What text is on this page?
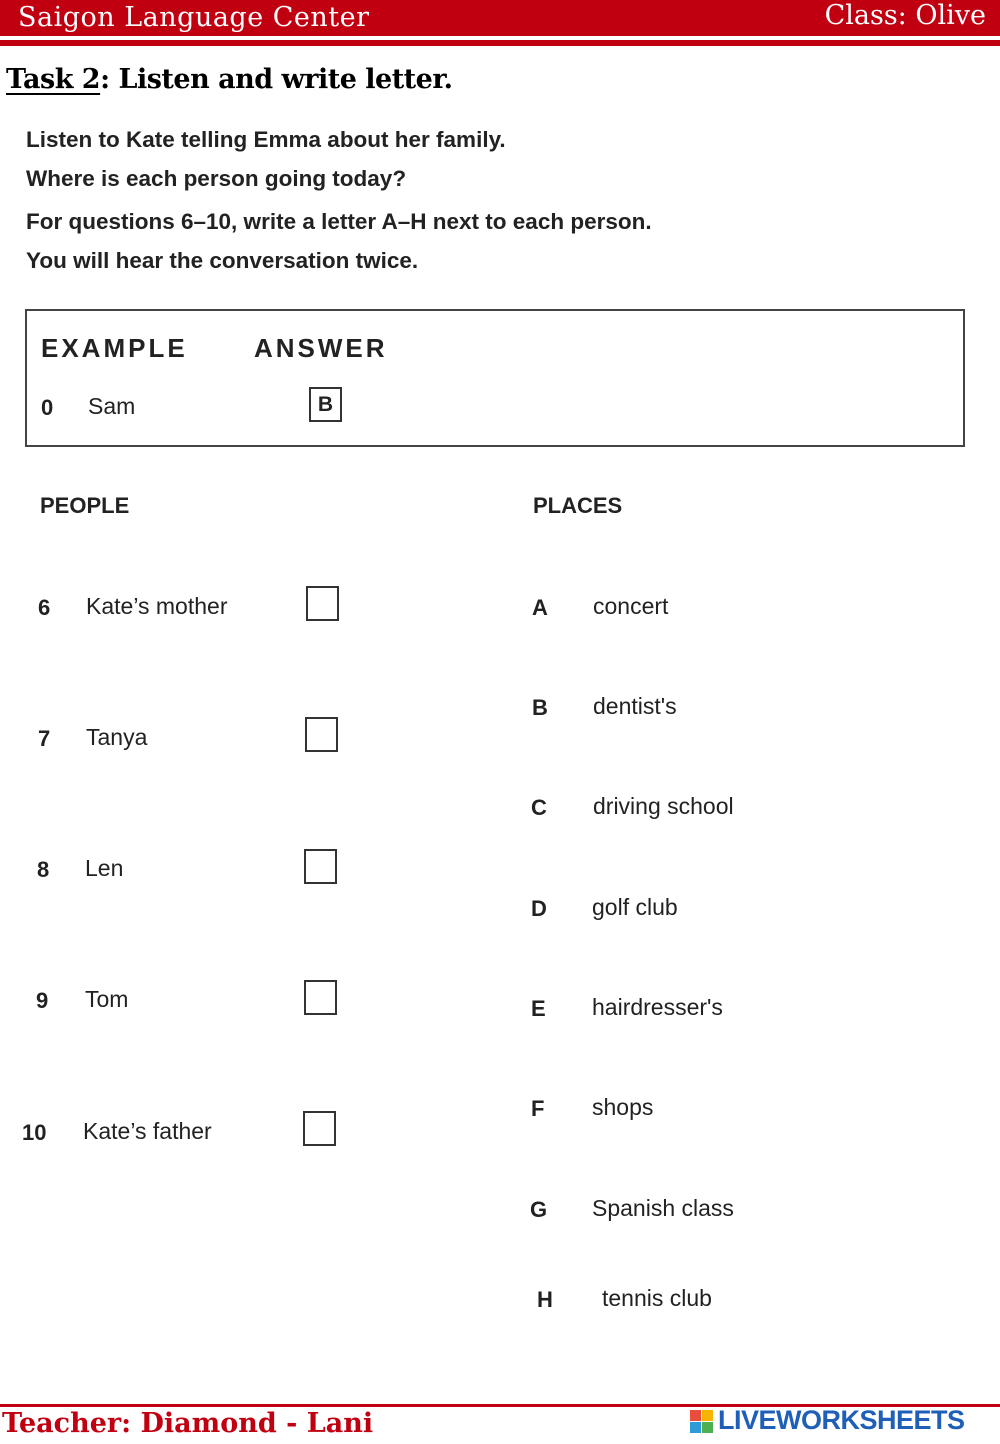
Saigon Language Center	Class: Olive
Task 2: Listen and write letter.
Listen to Kate telling Emma about her family.
Where is each person going today?
For questions 6–10, write a letter A–H next to each person.
You will hear the conversation twice.
EXAMPLE	ANSWER
0 Sam	B
PEOPLE	PLACES
6 Kate’s mother
7 Tanya
8 Len
9 Tom
10 Kate’s father
A concert
B dentist's
C driving school
D golf club
E hairdresser's
F shops
G Spanish class
H tennis club
Teacher: Diamond - Lani	LIVEWORKSHEETS
